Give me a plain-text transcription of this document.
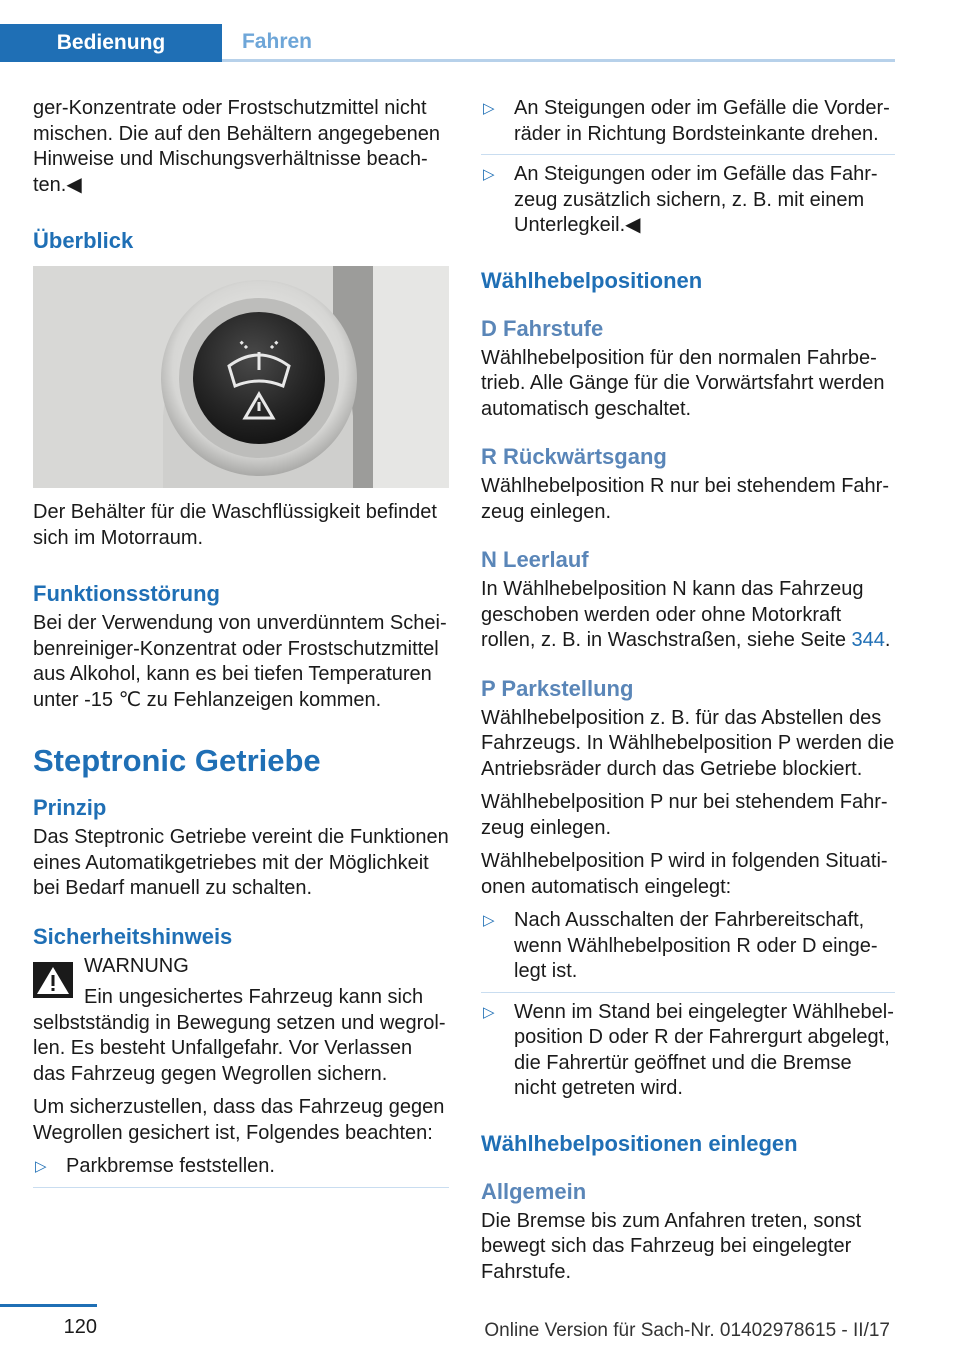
Bedienung	Fahren

ger-Konzentrate oder Frostschutzmittel nicht mischen. Die auf den Behältern angegebenen Hinweise und Mischungsverhältnisse beachten.◀

Überblick

Der Behälter für die Waschflüssigkeit befindet sich im Motorraum.

Funktionsstörung

Bei der Verwendung von unverdünntem Scheibenreiniger-Konzentrat oder Frostschutzmittel aus Alkohol, kann es bei tiefen Temperaturen unter -15 ℃ zu Fehlanzeigen kommen.

Steptronic Getriebe
Prinzip

Das Steptronic Getriebe vereint die Funktionen eines Automatikgetriebes mit der Möglichkeit bei Bedarf manuell zu schalten.

Sicherheitshinweis
WARNUNG
Ein ungesichertes Fahrzeug kann sich

selbstständig in Bewegung setzen und wegrollen. Es besteht Unfallgefahr. Vor Verlassen das Fahrzeug gegen Wegrollen sichern.

Um sicherzustellen, dass das Fahrzeug gegen Wegrollen gesichert ist, Folgendes beachten:

▷ Parkbremse feststellen.
▷ An Steigungen oder im Gefälle die Vorderräder in Richtung Bordsteinkante drehen.
▷ An Steigungen oder im Gefälle das Fahrzeug zusätzlich sichern, z. B. mit einem Unterlegkeil.◀
Wählhebelpositionen
D Fahrstufe

Wählhebelposition für den normalen Fahrbetrieb. Alle Gänge für die Vorwärtsfahrt werden automatisch geschaltet.

R Rückwärtsgang

Wählhebelposition R nur bei stehendem Fahrzeug einlegen.

N Leerlauf

In Wählhebelposition N kann das Fahrzeug geschoben werden oder ohne Motorkraft rollen, z. B. in Waschstraßen, siehe Seite 344.

P Parkstellung

Wählhebelposition z. B. für das Abstellen des Fahrzeugs. In Wählhebelposition P werden die Antriebsräder durch das Getriebe blockiert.

Wählhebelposition P nur bei stehendem Fahrzeug einlegen.

Wählhebelposition P wird in folgenden Situationen automatisch eingelegt:

▷ Nach Ausschalten der Fahrbereitschaft, wenn Wählhebelposition R oder D eingelegt ist.
▷ Wenn im Stand bei eingelegter Wählhebelposition D oder R der Fahrergurt abgelegt, die Fahrertür geöffnet und die Bremse nicht getreten wird.
Wählhebelpositionen einlegen
Allgemein

Die Bremse bis zum Anfahren treten, sonst bewegt sich das Fahrzeug bei eingelegter Fahrstufe.

120	Online Version für Sach-Nr. 01402978615 - II/17
